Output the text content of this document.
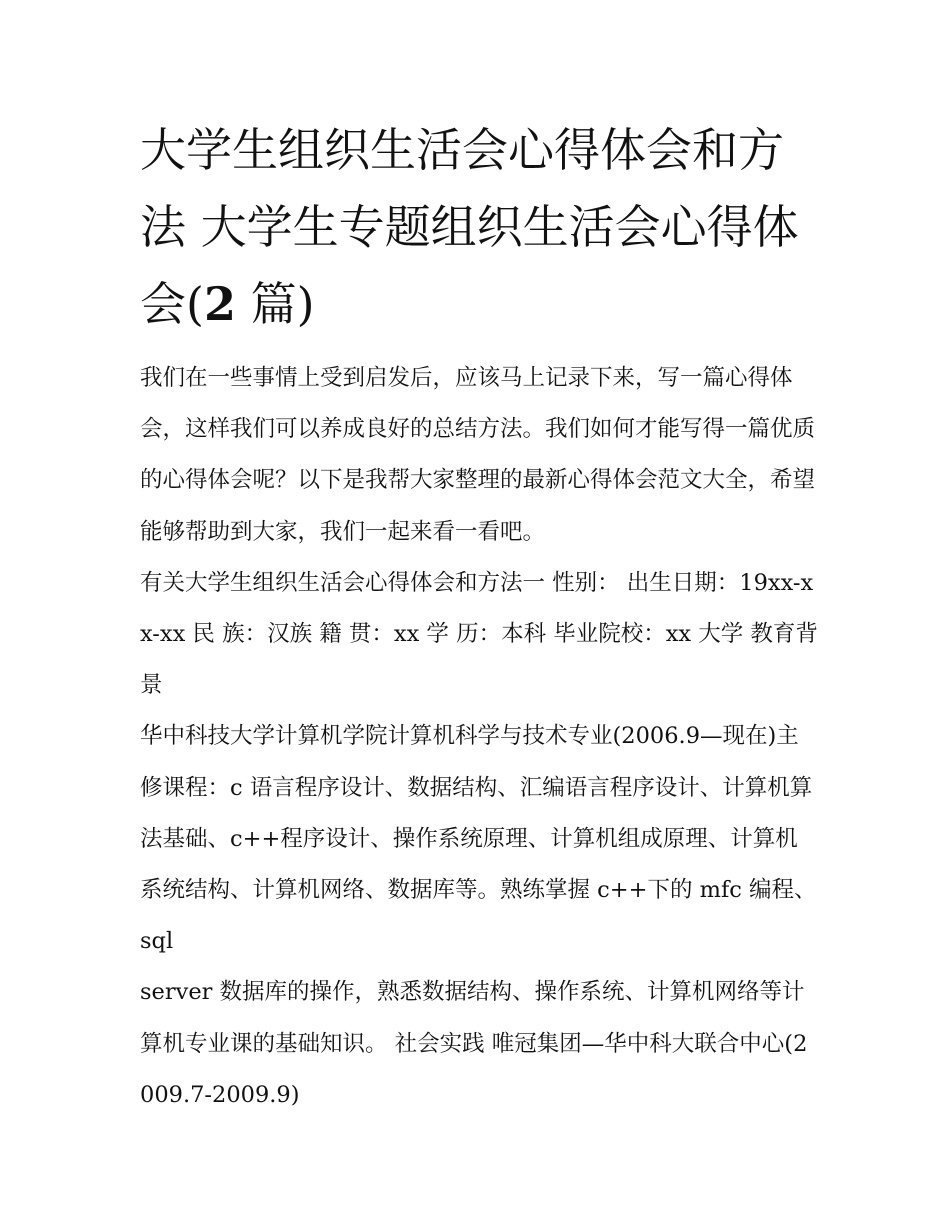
大学生组织生活会心得体会和方法 大学生专题组织生活会心得体会(2 篇)

我们在一些事情上受到启发后，应该马上记录下来，写一篇心得体会，这样我们可以养成良好的总结方法。我们如何才能写得一篇优质的心得体会呢？以下是我帮大家整理的最新心得体会范文大全，希望能够帮助到大家，我们一起来看一看吧。

有关大学生组织生活会心得体会和方法一 性别： 出生日期：19xx-xx-xx 民 族：汉族 籍 贯：xx 学 历：本科 毕业院校：xx 大学 教育背景

华中科技大学计算机学院计算机科学与技术专业(2006.9—现在)主修课程：c 语言程序设计、数据结构、汇编语言程序设计、计算机算法基础、c++程序设计、操作系统原理、计算机组成原理、计算机系统结构、计算机网络、数据库等。熟练掌握 c++下的 mfc 编程、sql

server 数据库的操作，熟悉数据结构、操作系统、计算机网络等计算机专业课的基础知识。 社会实践 唯冠集团—华中科大联合中心(2009.7-2009.9)
